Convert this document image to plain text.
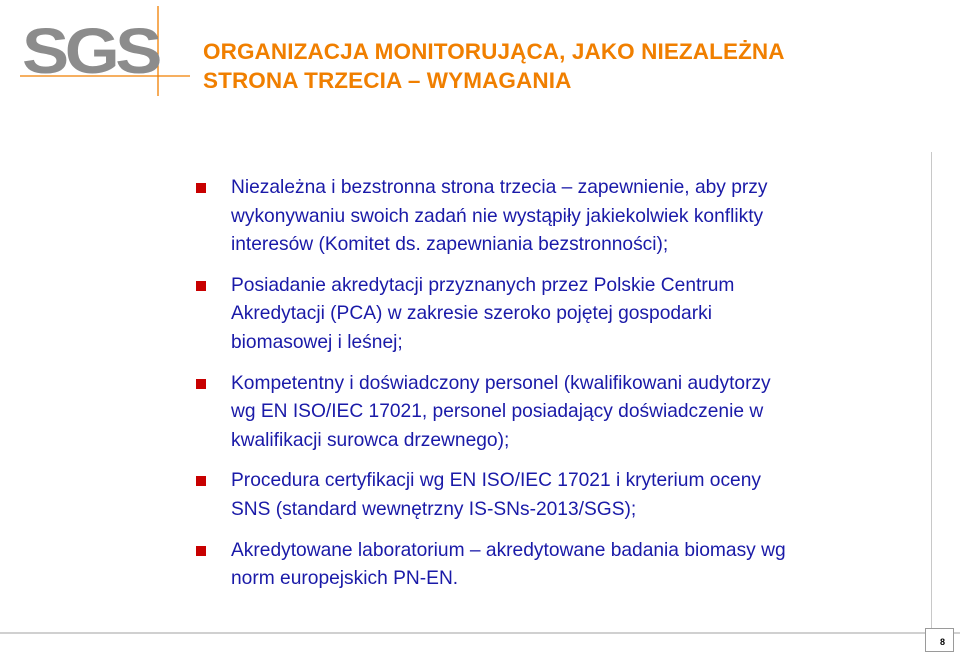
SGS ORGANIZACJA MONITORUJĄCA, JAKO NIEZALEŻNA
STRONA TRZECIA – WYMAGANIA
Niezależna i bezstronna strona trzecia – zapewnienie, aby przy
wykonywaniu swoich zadań nie wystąpiły jakiekolwiek konflikty
interesów (Komitet ds. zapewniania bezstronności);
Posiadanie akredytacji przyznanych przez Polskie Centrum
Akredytacji (PCA) w zakresie szeroko pojętej gospodarki
biomasowej i leśnej;
Kompetentny i doświadczony personel (kwalifikowani audytorzy
wg EN ISO/IEC 17021, personel posiadający doświadczenie w
kwalifikacji surowca drzewnego);
Procedura certyfikacji wg EN ISO/IEC 17021 i kryterium oceny
SNS (standard wewnętrzny IS-SNs-2013/SGS);
Akredytowane laboratorium – akredytowane badania biomasy wg
norm europejskich PN-EN.
8
